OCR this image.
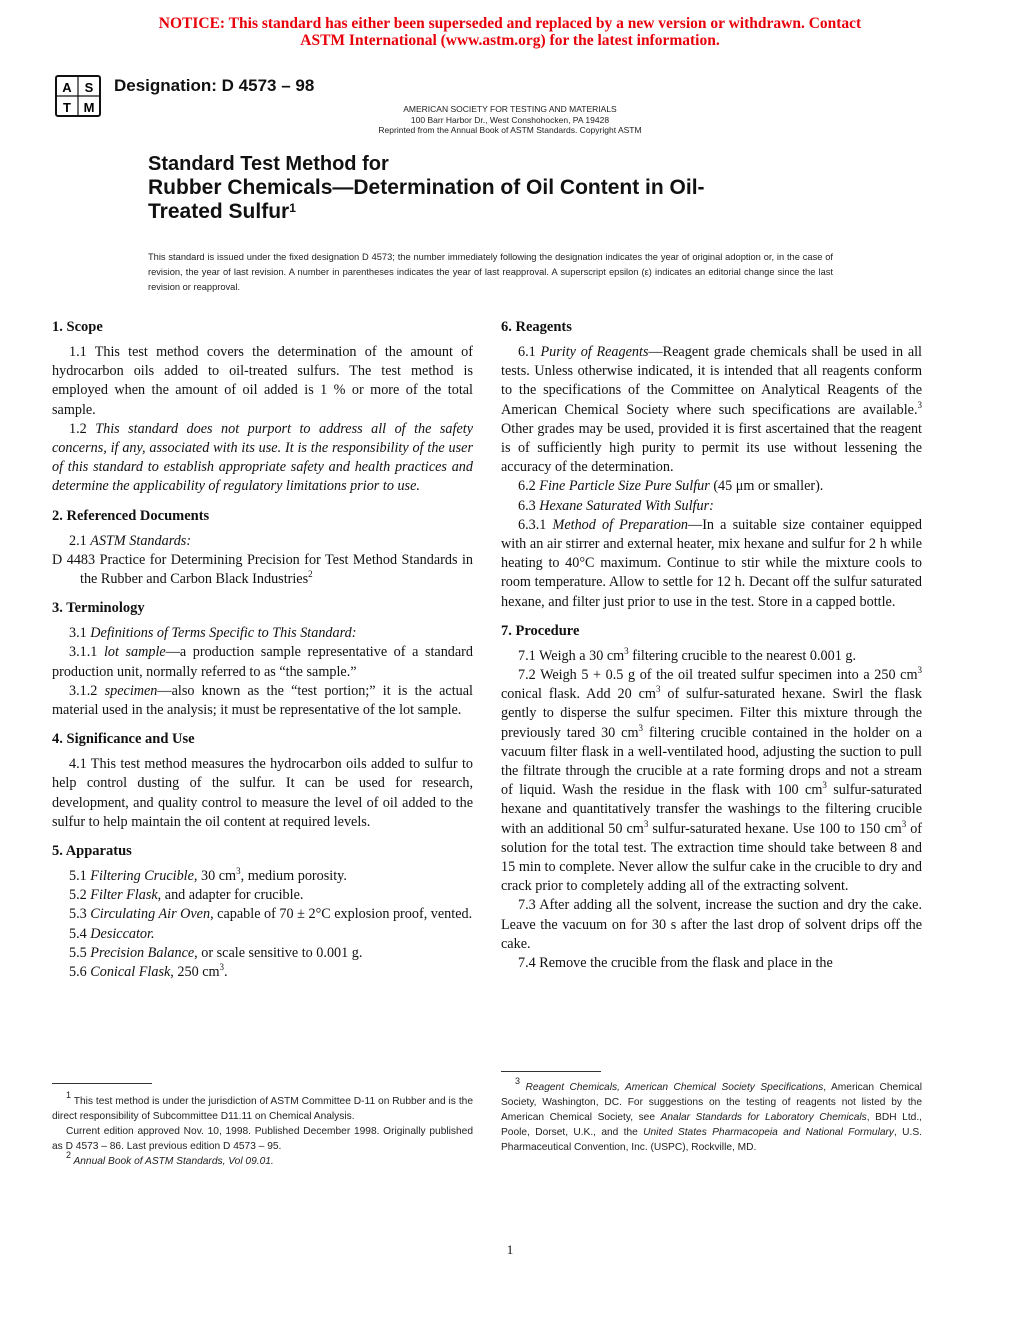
NOTICE: This standard has either been superseded and replaced by a new version or withdrawn. Contact
ASTM International (www.astm.org) for the latest information.
A S
T M
Designation: D 4573 – 98
AMERICAN SOCIETY FOR TESTING AND MATERIALS
100 Barr Harbor Dr., West Conshohocken, PA 19428
Reprinted from the Annual Book of ASTM Standards. Copyright ASTM
Standard Test Method for
Rubber Chemicals—Determination of Oil Content in Oil-
Treated Sulfur$^1$
This standard is issued under the fixed designation D 4573; the number immediately following the designation indicates the year of original adoption or, in the case of revision, the year of last revision. A number in parentheses indicates the year of last reapproval. A superscript epsilon (ε) indicates an editorial change since the last revision or reapproval.
1. Scope

1.1 This test method covers the determination of the amount of hydrocarbon oils added to oil-treated sulfurs. The test method is employed when the amount of oil added is 1 % or more of the total sample.

1.2 This standard does not purport to address all of the safety concerns, if any, associated with its use. It is the responsibility of the user of this standard to establish appropriate safety and health practices and determine the applicability of regulatory limitations prior to use.

2. Referenced Documents

2.1 ASTM Standards:

D 4483 Practice for Determining Precision for Test Method Standards in the Rubber and Carbon Black Industries$^2$

3. Terminology

3.1 Definitions of Terms Specific to This Standard:

3.1.1 lot sample—a production sample representative of a standard production unit, normally referred to as “the sample.”

3.1.2 specimen—also known as the “test portion;” it is the actual material used in the analysis; it must be representative of the lot sample.

4. Significance and Use

4.1 This test method measures the hydrocarbon oils added to sulfur to help control dusting of the sulfur. It can be used for research, development, and quality control to measure the level of oil added to the sulfur to help maintain the oil content at required levels.

5. Apparatus

5.1 Filtering Crucible, 30 $cm^3$, medium porosity.

5.2 Filter Flask, and adapter for crucible.

5.3 Circulating Air Oven, capable of 70 ± 2°C explosion proof, vented.

5.4 Desiccator.

5.5 Precision Balance, or scale sensitive to 0.001 g.

5.6 Conical Flask, 250 $cm^3$.

$^1$ This test method is under the jurisdiction of ASTM Committee D-11 on Rubber and is the direct responsibility of Subcommittee D11.11 on Chemical Analysis.

Current edition approved Nov. 10, 1998. Published December 1998. Originally published as D 4573 – 86. Last previous edition D 4573 – 95.

$^2$ Annual Book of ASTM Standards, Vol 09.01.

6. Reagents

6.1 Purity of Reagents—Reagent grade chemicals shall be used in all tests. Unless otherwise indicated, it is intended that all reagents conform to the specifications of the Committee on Analytical Reagents of the American Chemical Society where such specifications are available.$^3$ Other grades may be used, provided it is first ascertained that the reagent is of sufficiently high purity to permit its use without lessening the accuracy of the determination.

6.2 Fine Particle Size Pure Sulfur (45 μm or smaller).

6.3 Hexane Saturated With Sulfur:

6.3.1 Method of Preparation—In a suitable size container equipped with an air stirrer and external heater, mix hexane and sulfur for 2 h while heating to 40°C maximum. Continue to stir while the mixture cools to room temperature. Allow to settle for 12 h. Decant off the sulfur saturated hexane, and filter just prior to use in the test. Store in a capped bottle.

7. Procedure

7.1 Weigh a 30 $cm^3$ filtering crucible to the nearest 0.001 g.

7.2 Weigh 5 + 0.5 g of the oil treated sulfur specimen into a 250 $cm^3$ conical flask. Add 20 $cm^3$ of sulfur-saturated hexane. Swirl the flask gently to disperse the sulfur specimen. Filter this mixture through the previously tared 30 $cm^3$ filtering crucible contained in the holder on a vacuum filter flask in a well-ventilated hood, adjusting the suction to pull the filtrate through the crucible at a rate forming drops and not a stream of liquid. Wash the residue in the flask with 100 $cm^3$ sulfur-saturated hexane and quantitatively transfer the washings to the filtering crucible with an additional 50 $cm^3$ sulfur-saturated hexane. Use 100 to 150 $cm^3$ of solution for the total test. The extraction time should take between 8 and 15 min to complete. Never allow the sulfur cake in the crucible to dry and crack prior to completely adding all of the extracting solvent.

7.3 After adding all the solvent, increase the suction and dry the cake. Leave the vacuum on for 30 s after the last drop of solvent drips off the cake.

7.4 Remove the crucible from the flask and place in the

$^3$ Reagent Chemicals, American Chemical Society Specifications, American Chemical Society, Washington, DC. For suggestions on the testing of reagents not listed by the American Chemical Society, see Analar Standards for Laboratory Chemicals, BDH Ltd., Poole, Dorset, U.K., and the United States Pharmacopeia and National Formulary, U.S. Pharmaceutical Convention, Inc. (USPC), Rockville, MD.

1
